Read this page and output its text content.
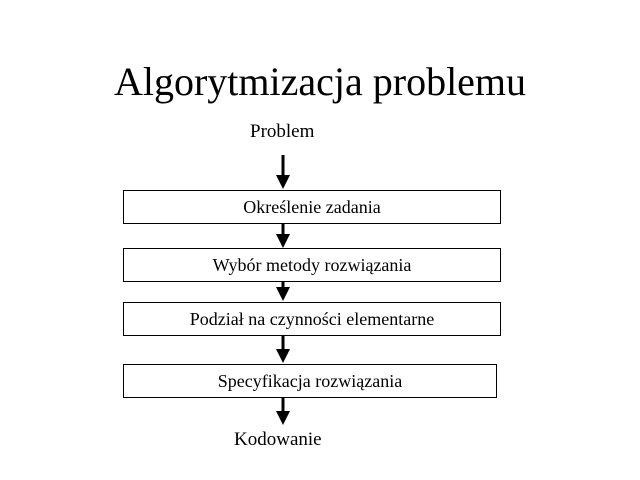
Algorytmizacja problemu
Problem
Określenie zadania
Wybór metody rozwiązania
Podział na czynności elementarne
Specyfikacja rozwiązania
Kodowanie
